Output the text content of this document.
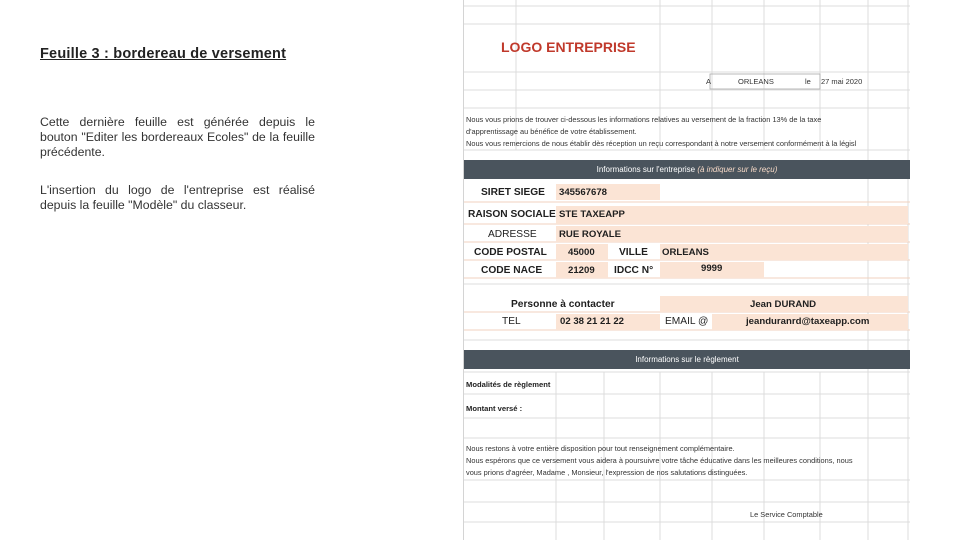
Feuille 3 : bordereau de versement
Cette dernière feuille est générée depuis le bouton "Editer les bordereaux Ecoles" de la feuille précédente.
L'insertion du logo de l'entreprise est réalisé depuis la feuille "Modèle" du classeur.
LOGO ENTREPRISE
A	ORLEANS	le 27 mai 2020
Nous vous prions de trouver ci-dessous les informations relatives au versement de la fraction 13% de la taxe
d'apprentissage au bénéfice de votre établissement.
Nous vous remercions de nous établir dès réception un reçu correspondant à notre versement conformément à la législ
Informations sur l'entreprise (à indiquer sur le reçu)
SIRET SIEGE 345567678
RAISON SOCIALE STE TAXEAPP
ADRESSE RUE ROYALE
CODE POSTAL 45000 VILLE ORLEANS
CODE NACE	21209 IDCC N°	9999
Personne à contacter	Jean DURAND
TEL	02 38 21 21 22	EMAIL @	jeanduranrd@taxeapp.com
Informations sur le règlement
Modalités de règlement
Montant versé :
Nous restons à votre entière disposition pour tout renseignement complémentaire.
Nous espérons que ce versement vous aidera à poursuivre votre tâche éducative dans les meilleures conditions, nous
vous prions d'agréer, Madame , Monsieur, l'expression de nos salutations distinguées.
Le Service Comptable
